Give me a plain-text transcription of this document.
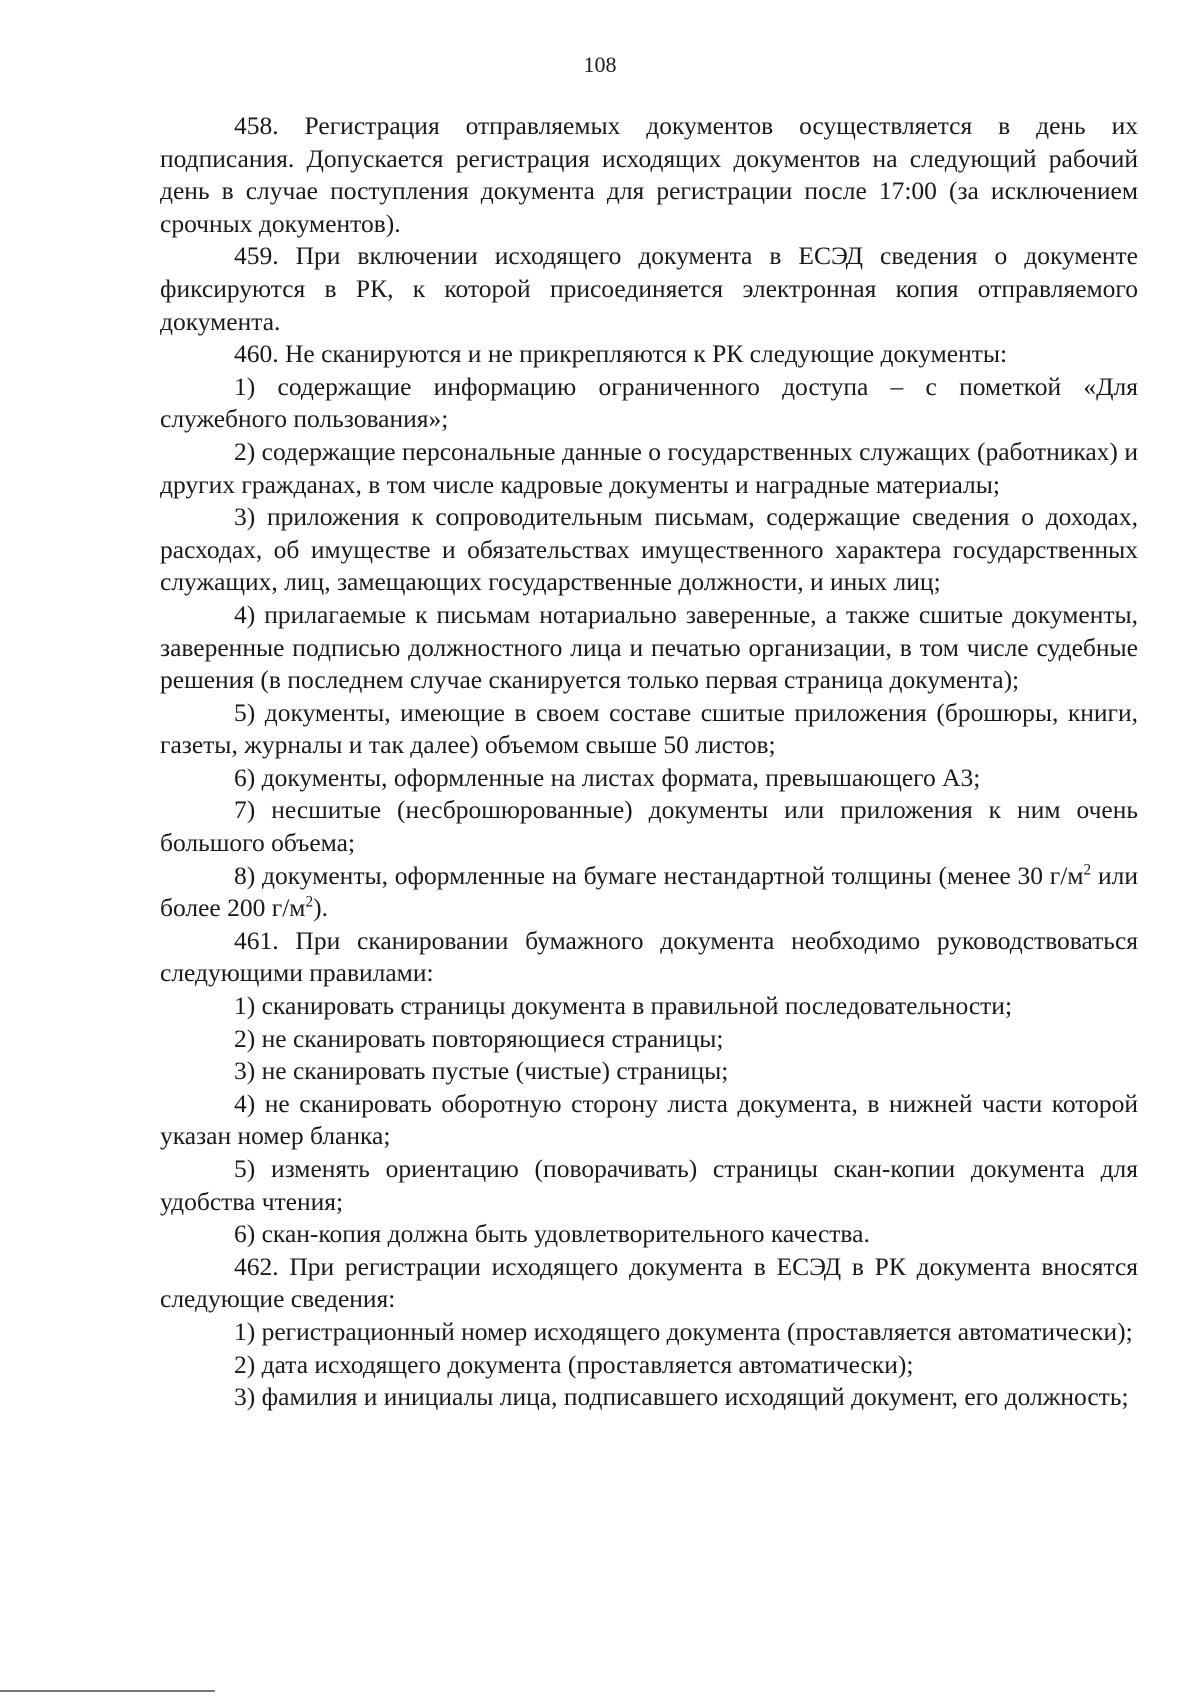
108

458. Регистрация отправляемых документов осуществляется в день их подписания. Допускается регистрация исходящих документов на следующий рабочий день в случае поступления документа для регистрации после 17:00 (за исключением срочных документов).

459. При включении исходящего документа в ЕСЭД сведения о документе фиксируются в РК, к которой присоединяется электронная копия отправляемого документа.

460. Не сканируются и не прикрепляются к РК следующие документы:

1) содержащие информацию ограниченного доступа – с пометкой «Для служебного пользования»;

2) содержащие персональные данные о государственных служащих (работниках) и других гражданах, в том числе кадровые документы и наградные материалы;

3) приложения к сопроводительным письмам, содержащие сведения о доходах, расходах, об имуществе и обязательствах имущественного характера государственных служащих, лиц, замещающих государственные должности, и иных лиц;

4) прилагаемые к письмам нотариально заверенные, а также сшитые документы, заверенные подписью должностного лица и печатью организации, в том числе судебные решения (в последнем случае сканируется только первая страница документа);

5) документы, имеющие в своем составе сшитые приложения (брошюры, книги, газеты, журналы и так далее) объемом свыше 50 листов;

6) документы, оформленные на листах формата, превышающего А3;

7) несшитые (несброшюрованные) документы или приложения к ним очень большого объема;

8) документы, оформленные на бумаге нестандартной толщины (менее 30 $г/м^2$ или более 200 $г/м^2$).

461. При сканировании бумажного документа необходимо руководствоваться следующими правилами:

1) сканировать страницы документа в правильной последовательности;

2) не сканировать повторяющиеся страницы;

3) не сканировать пустые (чистые) страницы;

4) не сканировать оборотную сторону листа документа, в нижней части которой указан номер бланка;

5) изменять ориентацию (поворачивать) страницы скан-копии документа для удобства чтения;

6) скан-копия должна быть удовлетворительного качества.

462. При регистрации исходящего документа в ЕСЭД в РК документа вносятся следующие сведения:

1) регистрационный номер исходящего документа (проставляется автоматически);

2) дата исходящего документа (проставляется автоматически);

3) фамилия и инициалы лица, подписавшего исходящий документ, его должность;
